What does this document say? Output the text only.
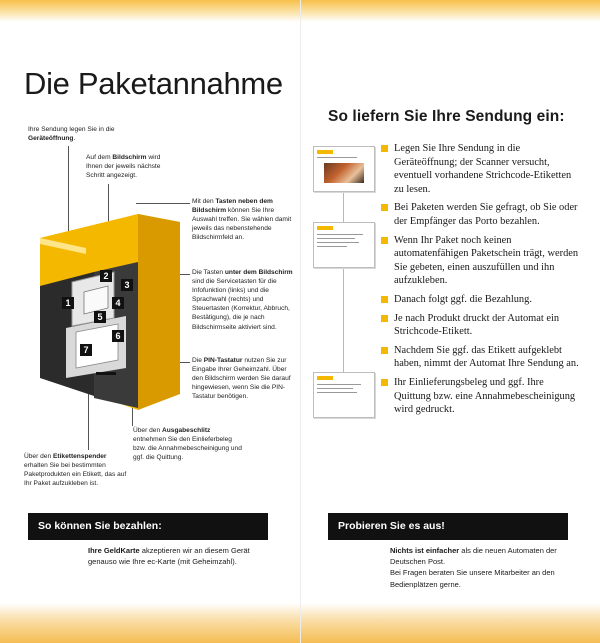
Die Paketannahme
Ihre Sendung legen Sie in die Geräteöffnung.
Auf dem Bildschirm wird Ihnen der jeweils nächste Schritt angezeigt.
Mit den Tasten neben dem Bildschirm können Sie Ihre Auswahl treffen. Sie wählen damit jeweils das nebenstehende Bildschirmfeld an.
Die Tasten unter dem Bildschirm sind die Servicetasten für die Infofunktion (links) und die Sprachwahl (rechts) und Steuertasten (Korrektur, Abbruch, Bestätigung), die je nach Bildschirmseite aktiviert sind.
Die PIN-Tastatur nutzen Sie zur Eingabe Ihrer Geheimzahl. Über den Bildschirm werden Sie darauf hingewiesen, wenn Sie die PIN-Tastatur benötigen.
Über den Ausgabeschlitz entnehmen Sie den Einlieferbeleg bzw. die Annahmebescheinigung und ggf. die Quittung.
Über den Etikettenspender erhalten Sie bei bestimmten Paketprodukten ein Etikett, das auf Ihr Paket aufzukleben ist.
1
2
3
4
5
6
7
So können Sie bezahlen:
Ihre GeldKarte akzeptieren wir an diesem Gerät genauso wie Ihre ec-Karte (mit Geheimzahl).
So liefern Sie Ihre Sendung ein:
Legen Sie Ihre Sendung in die Geräteöffnung; der Scanner versucht, eventuell vorhandene Strichcode-Etiketten zu lesen.
Bei Paketen werden Sie gefragt, ob Sie oder der Empfänger das Porto bezahlen.
Wenn Ihr Paket noch keinen automatenfähigen Paketschein trägt, werden Sie gebeten, einen auszufüllen und ihn aufzukleben.
Danach folgt ggf. die Bezahlung.
Je nach Produkt druckt der Automat ein Strichcode-Etikett.
Nachdem Sie ggf. das Etikett aufgeklebt haben, nimmt der Automat Ihre Sendung an.
Ihr Einlieferungsbeleg und ggf. Ihre Quittung bzw. eine Annahmebescheinigung wird gedruckt.
Probieren Sie es aus!
Nichts ist einfacher als die neuen Automaten der Deutschen Post.
Bei Fragen beraten Sie unsere Mitarbeiter an den Bedienplätzen gerne.
